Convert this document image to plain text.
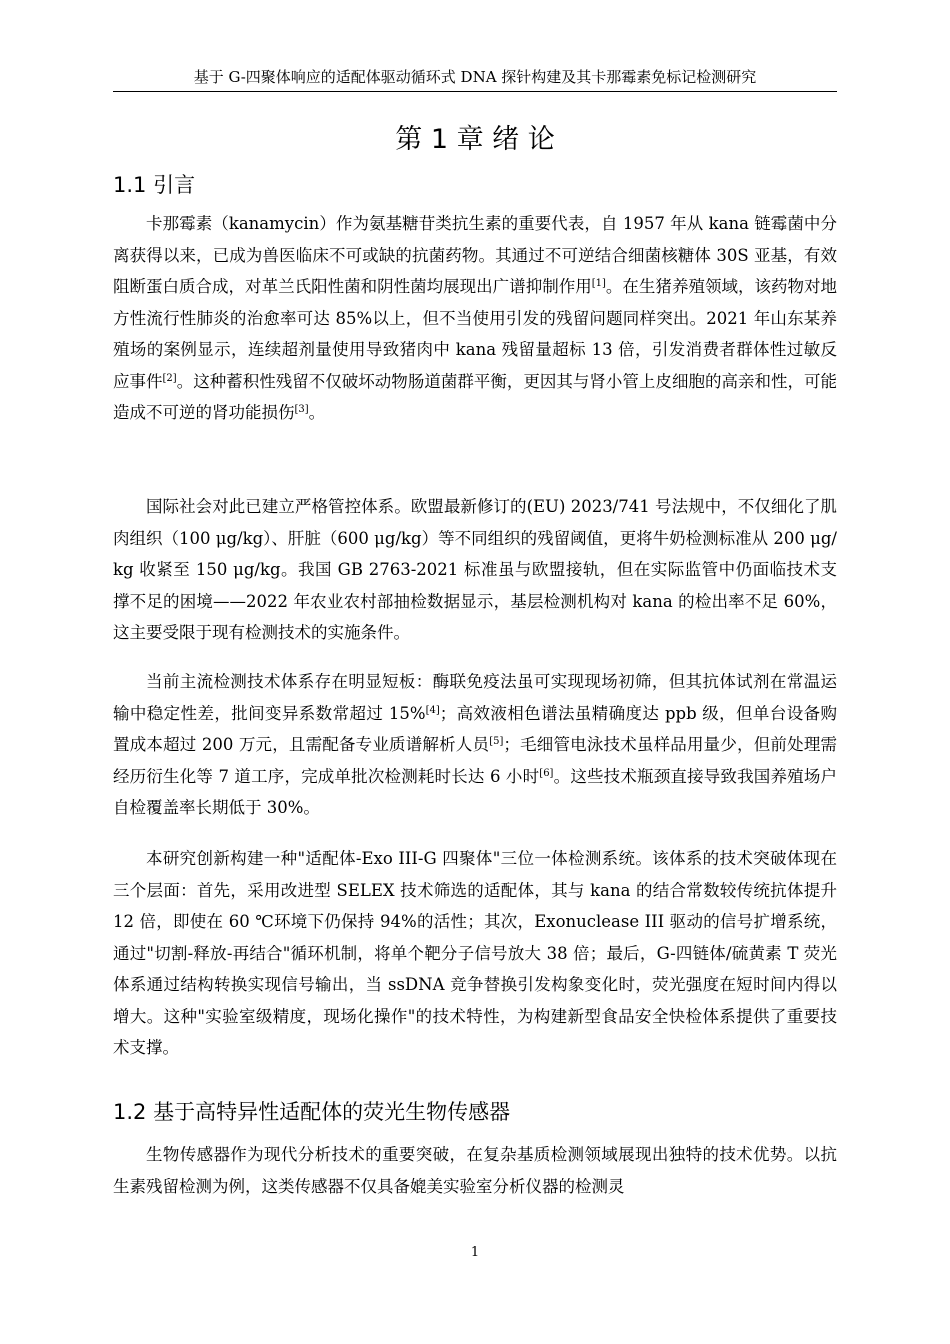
基于 G-四聚体响应的适配体驱动循环式 DNA 探针构建及其卡那霉素免标记检测研究
第 1 章 绪 论
1.1 引言

卡那霉素（kanamycin）作为氨基糖苷类抗生素的重要代表，自 1957 年从 kana 链霉菌中分离获得以来，已成为兽医临床不可或缺的抗菌药物。其通过不可逆结合细菌核糖体 30S 亚基，有效阻断蛋白质合成，对革兰氏阳性菌和阴性菌均展现出广谱抑制作用[1]。在生猪养殖领域，该药物对地方性流行性肺炎的治愈率可达 85%以上，但不当使用引发的残留问题同样突出。2021 年山东某养殖场的案例显示，连续超剂量使用导致猪肉中 kana 残留量超标 13 倍，引发消费者群体性过敏反应事件[2]。这种蓄积性残留不仅破坏动物肠道菌群平衡，更因其与肾小管上皮细胞的高亲和性，可能造成不可逆的肾功能损伤[3]。

国际社会对此已建立严格管控体系。欧盟最新修订的(EU) 2023/741 号法规中，不仅细化了肌肉组织（100 μg/kg）、肝脏（600 μg/kg）等不同组织的残留阈值，更将牛奶检测标准从 200 μg/kg 收紧至 150 μg/kg。我国 GB 2763-2021 标准虽与欧盟接轨，但在实际监管中仍面临技术支撑不足的困境——2022 年农业农村部抽检数据显示，基层检测机构对 kana 的检出率不足 60%，这主要受限于现有检测技术的实施条件。

当前主流检测技术体系存在明显短板：酶联免疫法虽可实现现场初筛，但其抗体试剂在常温运输中稳定性差，批间变异系数常超过 15%[4]；高效液相色谱法虽精确度达 ppb 级，但单台设备购置成本超过 200 万元，且需配备专业质谱解析人员[5]；毛细管电泳技术虽样品用量少，但前处理需经历衍生化等 7 道工序，完成单批次检测耗时长达 6 小时[6]。这些技术瓶颈直接导致我国养殖场户自检覆盖率长期低于 30%。

本研究创新构建一种"适配体-Exo III-G 四聚体"三位一体检测系统。该体系的技术突破体现在三个层面：首先，采用改进型 SELEX 技术筛选的适配体，其与 kana 的结合常数较传统抗体提升 12 倍，即使在 60 ℃环境下仍保持 94%的活性；其次，Exonuclease III 驱动的信号扩增系统，通过"切割-释放-再结合"循环机制，将单个靶分子信号放大 38 倍；最后，G-四链体/硫黄素 T 荧光体系通过结构转换实现信号输出，当 ssDNA 竞争替换引发构象变化时，荧光强度在短时间内得以增大。这种"实验室级精度，现场化操作"的技术特性，为构建新型食品安全快检体系提供了重要技术支撑。

1.2 基于高特异性适配体的荧光生物传感器

生物传感器作为现代分析技术的重要突破，在复杂基质检测领域展现出独特的技术优势。以抗生素残留检测为例，这类传感器不仅具备媲美实验室分析仪器的检测灵

1
